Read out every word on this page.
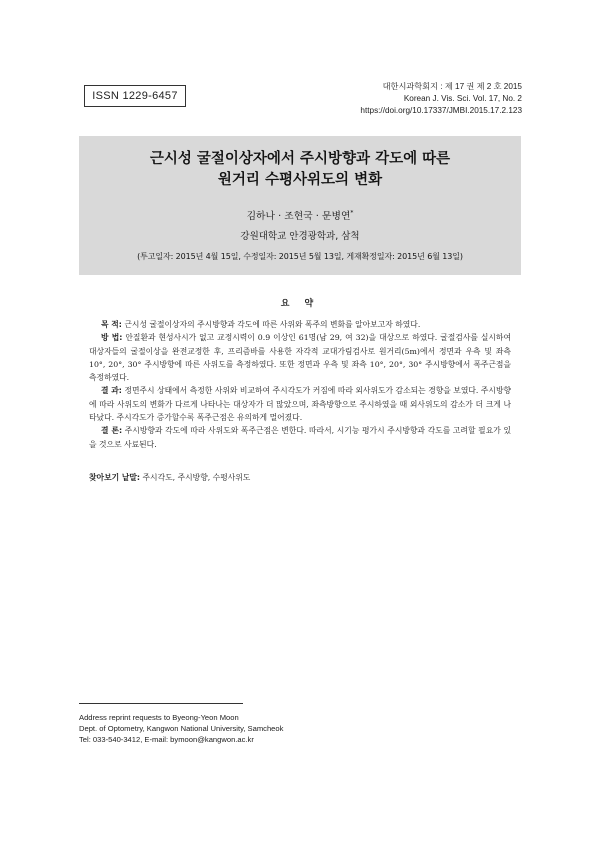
ISSN 1229-6457
대한시과학회지 : 제 17 권 제 2 호 2015
Korean J. Vis. Sci. Vol. 17, No. 2
https://doi.org/10.17337/JMBI.2015.17.2.123
근시성 굴절이상자에서 주시방향과 각도에 따른
원거리 수평사위도의 변화
김하나 · 조현국 · 문병연*
강원대학교 안경광학과, 삼척
(투고일자: 2015년 4월 15일, 수정일자: 2015년 5월 13일, 게재확정일자: 2015년 6월 13일)
요 약

목 적: 근시성 굴절이상자의 주시방향과 각도에 따른 사위와 폭주의 변화를 알아보고자 하였다.

방 법: 안질환과 현성사시가 없고 교정시력이 0.9 이상인 61명(남 29, 여 32)을 대상으로 하였다. 굴절검사를 실시하여 대상자들의 굴절이상을 완전교정한 후, 프리즘바를 사용한 자각적 교대가림검사로 원거리(5m)에서 정면과 우측 및 좌측 10°, 20°, 30° 주시방향에 따른 사위도를 측정하였다. 또한 정면과 우측 및 좌측 10°, 20°, 30° 주시방향에서 폭주근점을 측정하였다.

결 과: 정면주시 상태에서 측정한 사위와 비교하여 주시각도가 커짐에 따라 외사위도가 감소되는 경향을 보였다. 주시방향에 따라 사위도의 변화가 다르게 나타나는 대상자가 더 많았으며, 좌측방향으로 주시하였을 때 외사위도의 감소가 더 크게 나타났다. 주시각도가 증가할수록 폭주근점은 유의하게 멀어졌다.

결 론: 주시방향과 각도에 따라 사위도와 폭주근점은 변한다. 따라서, 시기능 평가시 주시방향과 각도를 고려할 필요가 있을 것으로 사료된다.

찾아보기 낱말: 주시각도, 주시방향, 수평사위도
Address reprint requests to Byeong-Yeon Moon
Dept. of Optometry, Kangwon National University, Samcheok
Tel: 033-540-3412, E-mail: bymoon@kangwon.ac.kr
